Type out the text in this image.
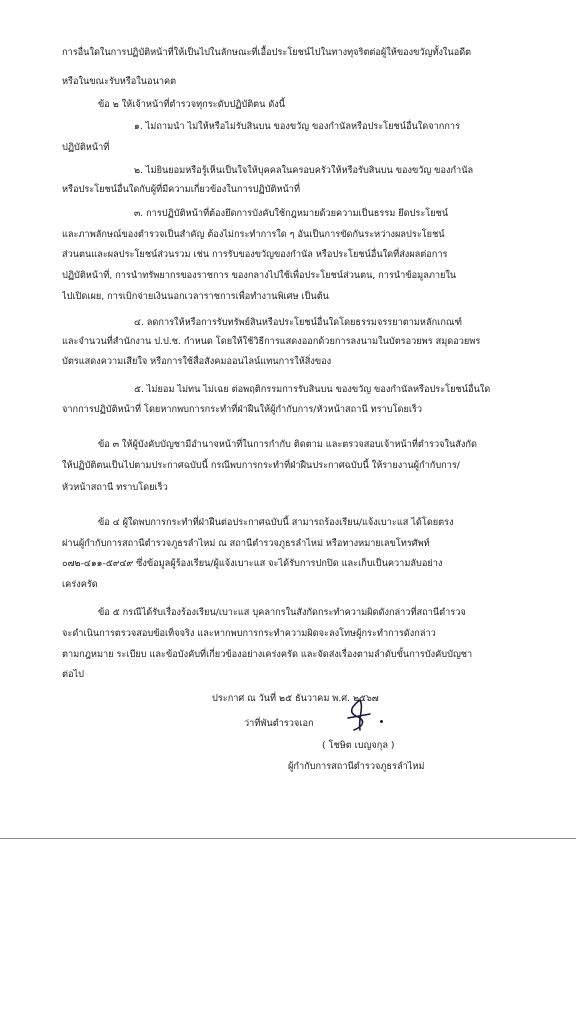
การอื่นใดในการปฏิบัติหน้าที่ให้เป็นไปในลักษณะที่เอื้อประโยชน์ไปในทางทุจริตต่อผู้ให้ของขวัญทั้งในอดีต
หรือในขณะรับหรือในอนาคต
ข้อ ๒ ให้เจ้าหน้าที่ตำรวจทุกระดับปฏิบัติตน ดังนี้
๑. ไม่ถามนำ ไม่ให้หรือไม่รับสินบน ของขวัญ ของกำนัลหรือประโยชน์อื่นใดจากการ
ปฏิบัติหน้าที่
๒. ไม่ยินยอมหรือรู้เห็นเป็นใจให้บุคคลในครอบครัวให้หรือรับสินบน ของขวัญ ของกำนัล
หรือประโยชน์อื่นใดกับผู้ที่มีความเกี่ยวข้องในการปฏิบัติหน้าที่
๓. การปฏิบัติหน้าที่ต้องยึดการบังคับใช้กฎหมายด้วยความเป็นธรรม ยึดประโยชน์
และภาพลักษณ์ของตำรวจเป็นสำคัญ ต้องไม่กระทำการใด ๆ อันเป็นการขัดกันระหว่างผลประโยชน์
ส่วนตนและผลประโยชน์ส่วนรวม เช่น การรับของขวัญของกำนัล หรือประโยชน์อื่นใดที่ส่งผลต่อการ
ปฏิบัติหน้าที่, การนำทรัพยากรของราชการ ของกลางไปใช้เพื่อประโยชน์ส่วนตน, การนำข้อมูลภายใน
ไปเปิดเผย, การเบิกจ่ายเงินนอกเวลาราชการเพื่อทำงานพิเศษ เป็นต้น
๔. ลดการให้หรือการรับทรัพย์สินหรือประโยชน์อื่นใดโดยธรรมจรรยาตามหลักเกณฑ์
และจำนวนที่สำนักงาน ป.ป.ช. กำหนด โดยให้ใช้วิธีการแสดงออกด้วยการลงนามในบัตรอวยพร สมุดอวยพร
บัตรแสดงความเสียใจ หรือการใช้สื่อสังคมออนไลน์แทนการให้สิ่งของ
๕. ไม่ยอม ไม่ทน ไม่เฉย ต่อพฤติกรรมการรับสินบน ของขวัญ ของกำนัลหรือประโยชน์อื่นใด
จากการปฏิบัติหน้าที่ โดยหากพบการกระทำที่ฝ่าฝืนให้ผู้กำกับการ/หัวหน้าสถานี ทราบโดยเร็ว
ข้อ ๓ ให้ผู้บังคับบัญชามีอำนาจหน้าที่ในการกำกับ ติดตาม และตรวจสอบเจ้าหน้าที่ตำรวจในสังกัด
ให้ปฏิบัติตนเป็นไปตามประกาศฉบับนี้ กรณีพบการกระทำที่ฝ่าฝืนประกาศฉบับนี้ ให้รายงานผู้กำกับการ/
หัวหน้าสถานี ทราบโดยเร็ว
ข้อ ๔ ผู้ใดพบการกระทำที่ฝ่าฝืนต่อประกาศฉบับนี้ สามารถร้องเรียน/แจ้งเบาะแส ได้โดยตรง
ผ่านผู้กำกับการสถานีตำรวจภูธรลำไหม่ ณ สถานีตำรวจภูธรลำไหม่ หรือทางหมายเลขโทรศัพท์
๐๗๒-๔๑๑-๕๙๔๙ ซึ่งข้อมูลผู้ร้องเรียน/ผู้แจ้งเบาะแส จะได้รับการปกปิด และเก็บเป็นความลับอย่าง
เคร่งครัด
ข้อ ๕ กรณีได้รับเรื่องร้องเรียน/เบาะแส บุคลากรในสังกัดกระทำความผิดดังกล่าวที่สถานีตำรวจ
จะดำเนินการตรวจสอบข้อเท็จจริง และหากพบการกระทำความผิดจะลงโทษผู้กระทำการดังกล่าว
ตามกฎหมาย ระเบียบ และข้อบังคับที่เกี่ยวข้องอย่างเคร่งครัด และจัดส่งเรื่องตามลำดับขั้นการบังคับบัญชา
ต่อไป
ประกาศ ณ วันที่ ๒๕ ธันวาคม พ.ศ. ๒๕๖๗
ว่าที่พันตำรวจเอก
( โชษิต เบญจกุล )
ผู้กำกับการสถานีตำรวจภูธรลำไหม่
